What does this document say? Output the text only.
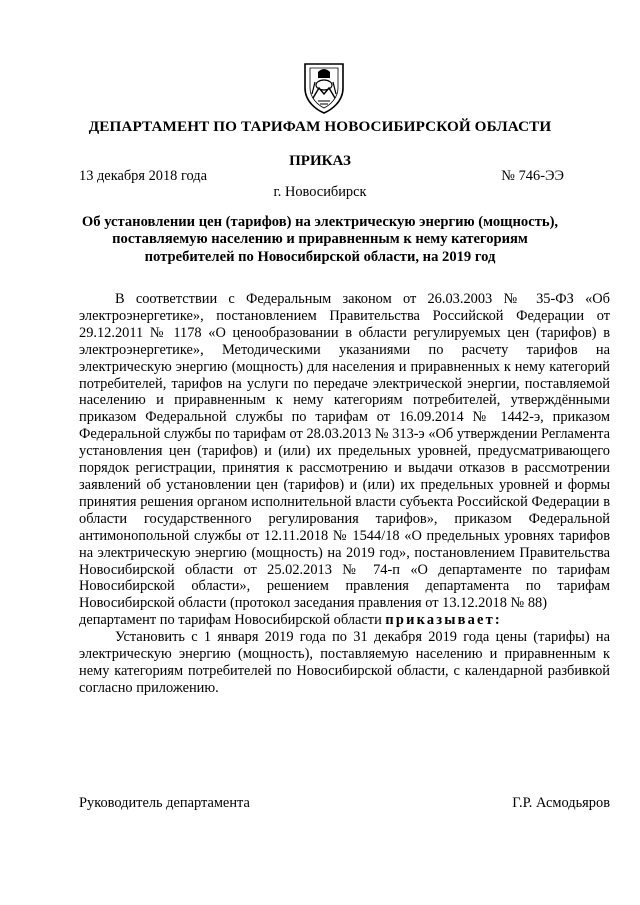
ДЕПАРТАМЕНТ ПО ТАРИФАМ НОВОСИБИРСКОЙ ОБЛАСТИ
ПРИКАЗ
13 декабря 2018 года	№ 746-ЭЭ
г. Новосибирск
Об установлении цен (тарифов) на электрическую энергию (мощность), поставляемую населению и приравненным к нему категориям потребителей по Новосибирской области, на 2019 год

В соответствии с Федеральным законом от 26.03.2003 № 35-ФЗ «Об электроэнергетике», постановлением Правительства Российской Федерации от 29.12.2011 № 1178 «О ценообразовании в области регулируемых цен (тарифов) в электроэнергетике», Методическими указаниями по расчету тарифов на электрическую энергию (мощность) для населения и приравненных к нему категорий потребителей, тарифов на услуги по передаче электрической энергии, поставляемой населению и приравненным к нему категориям потребителей, утверждёнными приказом Федеральной службы по тарифам от 16.09.2014 № 1442-э, приказом Федеральной службы по тарифам от 28.03.2013 № 313-э «Об утверждении Регламента установления цен (тарифов) и (или) их предельных уровней, предусматривающего порядок регистрации, принятия к рассмотрению и выдачи отказов в рассмотрении заявлений об установлении цен (тарифов) и (или) их предельных уровней и формы принятия решения органом исполнительной власти субъекта Российской Федерации в области государственного регулирования тарифов», приказом Федеральной антимонопольной службы от 12.11.2018 № 1544/18 «О предельных уровнях тарифов на электрическую энергию (мощность) на 2019 год», постановлением Правительства Новосибирской области от 25.02.2013 № 74-п «О департаменте по тарифам Новосибирской области», решением правления департамента по тарифам Новосибирской области (протокол заседания правления от 13.12.2018 № 88)

департамент по тарифам Новосибирской области приказывает:

Установить с 1 января 2019 года по 31 декабря 2019 года цены (тарифы) на электрическую энергию (мощность), поставляемую населению и приравненным к нему категориям потребителей по Новосибирской области, с календарной разбивкой согласно приложению.

Руководитель департамента	Г.Р. Асмодьяров
